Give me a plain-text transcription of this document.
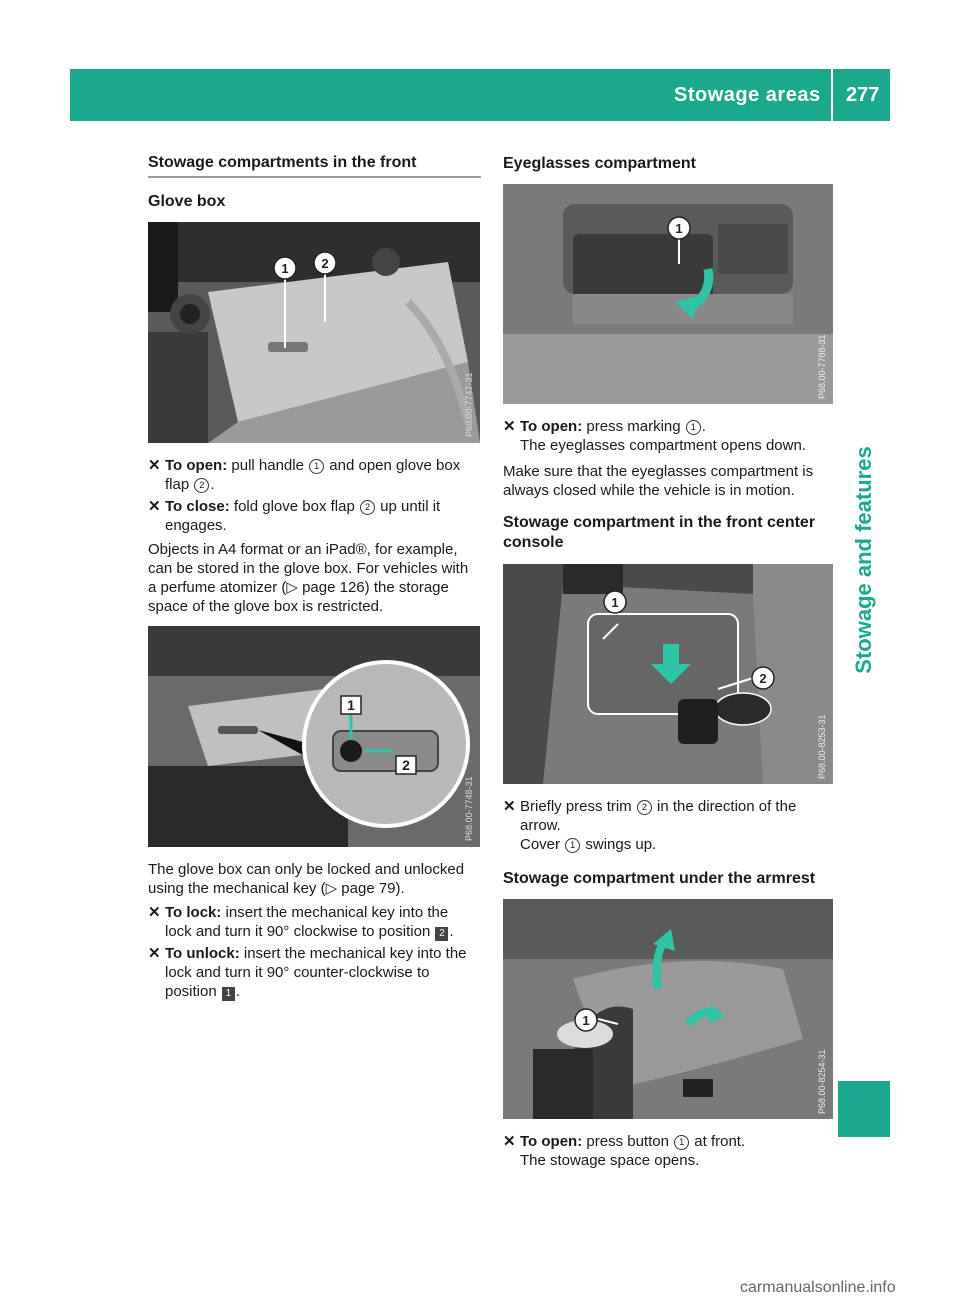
Stowage areas 277
Stowage and features
Stowage compartments in the front
Glove box
1	2
P68.00-7747-31
✕ To open: pull handle 1 and open glove box
flap 2 .
✕ To close: fold glove box flap 2 up until it
engages.
Objects in A4 format or an iPad®, for example,
can be stored in the glove box. For vehicles with
a perfume atomizer (▷ page 126) the storage
space of the glove box is restricted.
1
2
P68.00-7748-31
The glove box can only be locked and unlocked
using the mechanical key (▷ page 79).
✕ To lock: insert the mechanical key into the
lock and turn it 90° clockwise to position 2 .
✕ To unlock: insert the mechanical key into the
lock and turn it 90° counter-clockwise to
position 1 .
Eyeglasses compartment
1
P68.00-7788-31
✕ To open: press marking 1 .
The eyeglasses compartment opens down.
Make sure that the eyeglasses compartment is
always closed while the vehicle is in motion.
Stowage compartment in the front center
console
1
2
P68.00-8253-31
✕ Briefly press trim 2 in the direction of the
arrow.
Cover 1 swings up.
Stowage compartment under the armrest
1
P68.00-8254-31
✕ To open: press button 1 at front.
The stowage space opens.
carmanualsonline.info
